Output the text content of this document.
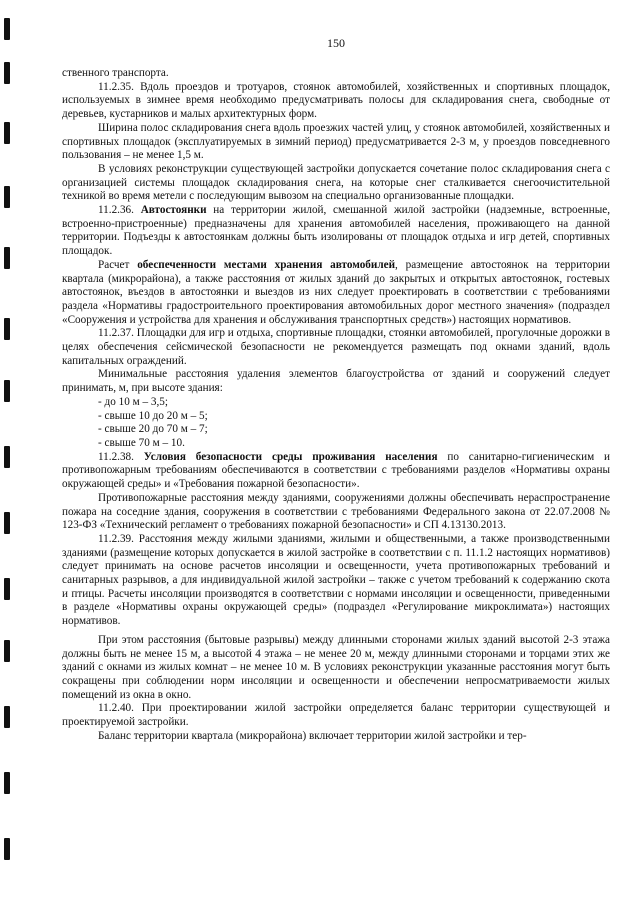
150

ственного транспорта.

11.2.35. Вдоль проездов и тротуаров, стоянок автомобилей, хозяйственных и спортивных площадок, используемых в зимнее время необходимо предусматривать полосы для складирования снега, свободные от деревьев, кустарников и малых архитектурных форм.

Ширина полос складирования снега вдоль проезжих частей улиц, у стоянок автомобилей, хозяйственных и спортивных площадок (эксплуатируемых в зимний период) предусматривается 2-3 м, у проездов повседневного пользования – не менее 1,5 м.

В условиях реконструкции существующей застройки допускается сочетание полос складирования снега с организацией системы площадок складирования снега, на которые снег сталкивается снегоочистительной техникой во время метели с последующим вывозом на специально организованные площадки.

11.2.36. Автостоянки на территории жилой, смешанной жилой застройки (надземные, встроенные, встроенно-пристроенные) предназначены для хранения автомобилей населения, проживающего на данной территории. Подъезды к автостоянкам должны быть изолированы от площадок отдыха и игр детей, спортивных площадок.

Расчет обеспеченности местами хранения автомобилей, размещение автостоянок на территории квартала (микрорайона), а также расстояния от жилых зданий до закрытых и открытых автостоянок, гостевых автостоянок, въездов в автостоянки и выездов из них следует проектировать в соответствии с требованиями раздела «Нормативы градостроительного проектирования автомобильных дорог местного значения» (подраздел «Сооружения и устройства для хранения и обслуживания транспортных средств») настоящих нормативов.

11.2.37. Площадки для игр и отдыха, спортивные площадки, стоянки автомобилей, прогулочные дорожки в целях обеспечения сейсмической безопасности не рекомендуется размещать под окнами зданий, вдоль капитальных ограждений.

Минимальные расстояния удаления элементов благоустройства от зданий и сооружений следует принимать, м, при высоте здания:

- до 10 м – 3,5;

- свыше 10 до 20 м – 5;

- свыше 20 до 70 м – 7;

- свыше 70 м – 10.

11.2.38. Условия безопасности среды проживания населения по санитарно-гигиеническим и противопожарным требованиям обеспечиваются в соответствии с требованиями разделов «Нормативы охраны окружающей среды» и «Требования пожарной безопасности».

Противопожарные расстояния между зданиями, сооружениями должны обеспечивать нераспространение пожара на соседние здания, сооружения в соответствии с требованиями Федерального закона от 22.07.2008 № 123-ФЗ «Технический регламент о требованиях пожарной безопасности» и СП 4.13130.2013.

11.2.39. Расстояния между жилыми зданиями, жилыми и общественными, а также производственными зданиями (размещение которых допускается в жилой застройке в соответствии с п. 11.1.2 настоящих нормативов) следует принимать на основе расчетов инсоляции и освещенности, учета противопожарных требований и санитарных разрывов, а для индивидуальной жилой застройки – также с учетом требований к содержанию скота и птицы. Расчеты инсоляции производятся в соответствии с нормами инсоляции и освещенности, приведенными в разделе «Нормативы охраны окружающей среды» (подраздел «Регулирование микроклимата») настоящих нормативов.

При этом расстояния (бытовые разрывы) между длинными сторонами жилых зданий высотой 2-3 этажа должны быть не менее 15 м, а высотой 4 этажа – не менее 20 м, между длинными сторонами и торцами этих же зданий с окнами из жилых комнат – не менее 10 м. В условиях реконструкции указанные расстояния могут быть сокращены при соблюдении норм инсоляции и освещенности и обеспечении непросматриваемости жилых помещений из окна в окно.

11.2.40. При проектировании жилой застройки определяется баланс территории существующей и проектируемой застройки.

Баланс территории квартала (микрорайона) включает территории жилой застройки и тер-
